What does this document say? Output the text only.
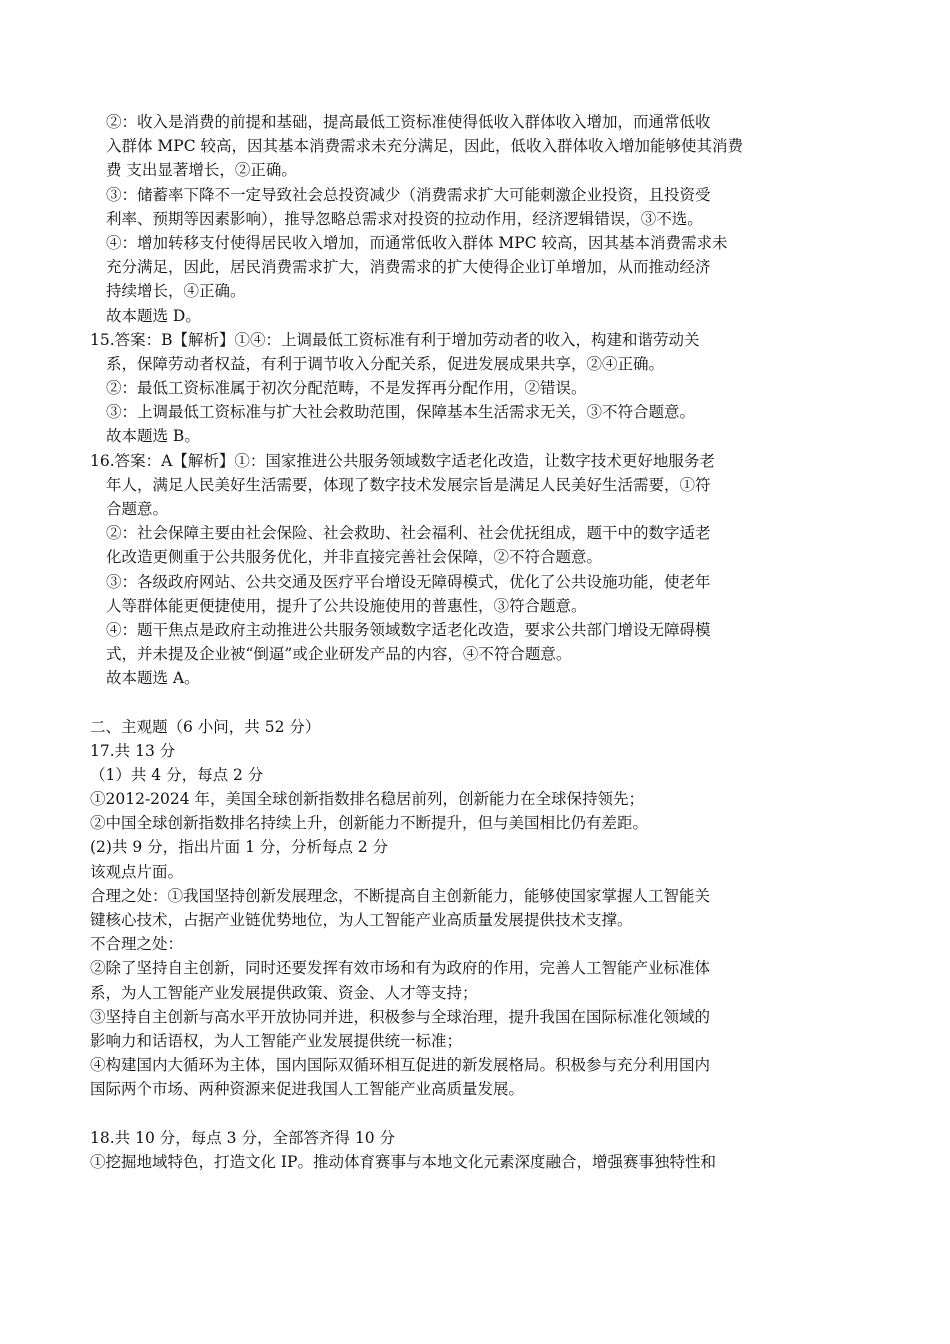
②：收入是消费的前提和基础，提高最低工资标准使得低收入群体收入增加，而通常低收
入群体 MPC 较高，因其基本消费需求未充分满足，因此，低收入群体收入增加能够使其消费
费 支出显著增长，②正确。
③：储蓄率下降不一定导致社会总投资减少（消费需求扩大可能刺激企业投资，且投资受
利率、预期等因素影响），推导忽略总需求对投资的拉动作用，经济逻辑错误，③不选。
④：增加转移支付使得居民收入增加，而通常低收入群体 MPC 较高，因其基本消费需求未
充分满足，因此，居民消费需求扩大，消费需求的扩大使得企业订单增加，从而推动经济
持续增长，④正确。
故本题选 D。
15.答案：B【解析】①④：上调最低工资标准有利于增加劳动者的收入，构建和谐劳动关
系，保障劳动者权益，有利于调节收入分配关系，促进发展成果共享，②④正确。
②：最低工资标准属于初次分配范畴，不是发挥再分配作用，②错误。
③：上调最低工资标准与扩大社会救助范围，保障基本生活需求无关，③不符合题意。
故本题选 B。
16.答案：A【解析】①：国家推进公共服务领域数字适老化改造，让数字技术更好地服务老
年人，满足人民美好生活需要，体现了数字技术发展宗旨是满足人民美好生活需要，①符
合题意。
②：社会保障主要由社会保险、社会救助、社会福利、社会优抚组成，题干中的数字适老
化改造更侧重于公共服务优化，并非直接完善社会保障，②不符合题意。
③：各级政府网站、公共交通及医疗平台增设无障碍模式，优化了公共设施功能，使老年
人等群体能更便捷使用，提升了公共设施使用的普惠性，③符合题意。
④：题干焦点是政府主动推进公共服务领域数字适老化改造，要求公共部门增设无障碍模
式，并未提及企业被“倒逼”或企业研发产品的内容，④不符合题意。
故本题选 A。
二、主观题（6 小问，共 52 分）
17.共 13 分
（1）共 4 分，每点 2 分
①2012-2024 年，美国全球创新指数排名稳居前列，创新能力在全球保持领先；
②中国全球创新指数排名持续上升，创新能力不断提升，但与美国相比仍有差距。
(2)共 9 分，指出片面 1 分，分析每点 2 分
该观点片面。
合理之处：①我国坚持创新发展理念，不断提高自主创新能力，能够使国家掌握人工智能关
键核心技术，占据产业链优势地位，为人工智能产业高质量发展提供技术支撑。
不合理之处：
②除了坚持自主创新，同时还要发挥有效市场和有为政府的作用，完善人工智能产业标准体
系，为人工智能产业发展提供政策、资金、人才等支持；
③坚持自主创新与高水平开放协同并进，积极参与全球治理，提升我国在国际标准化领域的
影响力和话语权，为人工智能产业发展提供统一标准；
④构建国内大循环为主体，国内国际双循环相互促进的新发展格局。积极参与充分利用国内
国际两个市场、两种资源来促进我国人工智能产业高质量发展。
18.共 10 分，每点 3 分，全部答齐得 10 分
①挖掘地域特色，打造文化 IP。推动体育赛事与本地文化元素深度融合，增强赛事独特性和
